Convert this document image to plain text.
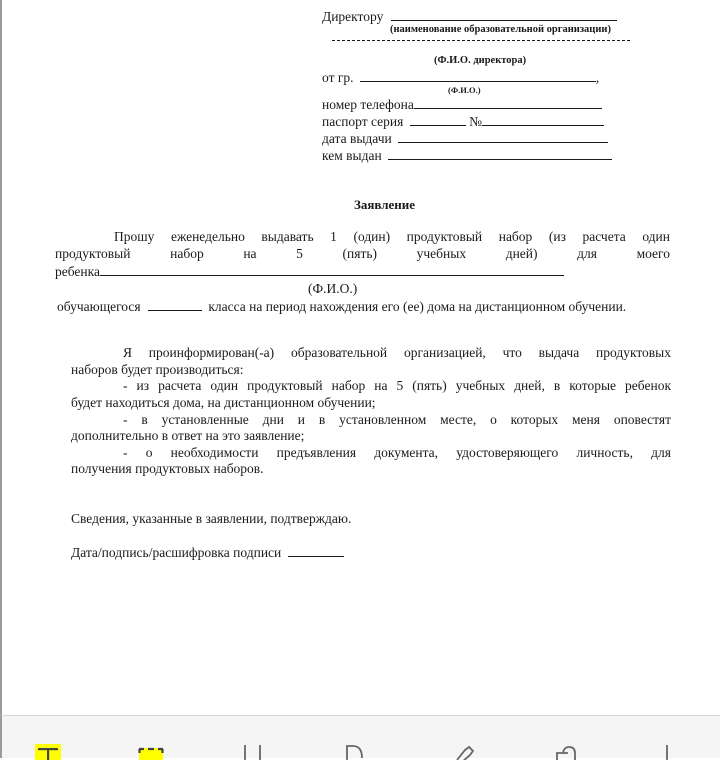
Директору
(наименование образовательной организации)
(Ф.И.О. директора)
от гр.	,
(Ф.И.О.)
номер телефона
паспорт серия	№
дата выдачи
кем выдан
Заявление
Прошу еженедельно выдавать 1 (один) продуктовый набор (из расчета один
продуктовый набор на 5 (пять) учебных дней) для моего
ребенка
(Ф.И.О.)
обучающегося	класса на период нахождения его (ее) дома на дистанционном обучении.
Я проинформирован(-а) образовательной организацией, что выдача продуктовых
наборов будет производиться:
- из расчета один продуктовый набор на 5 (пять) учебных дней, в которые ребенок
будет находиться дома, на дистанционном обучении;
- в установленные дни и в установленном месте, о которых меня оповестят
дополнительно в ответ на это заявление;
- о необходимости предъявления документа, удостоверяющего личность, для
получения продуктовых наборов.
Сведения, указанные в заявлении, подтверждаю.
Дата/подпись/расшифровка подписи
